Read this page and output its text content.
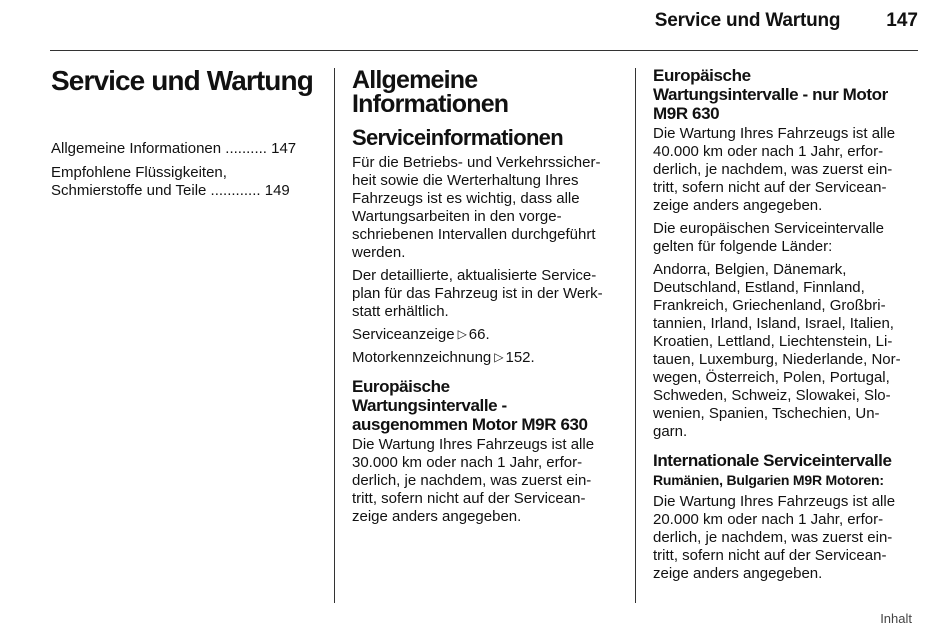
Service und Wartung 147
Service und Wartung
Allgemeine Informationen .......... 147
Empfohlene Flüssigkeiten,
Schmierstoffe und Teile ............ 149
Allgemeine
Informationen
Serviceinformationen

Für die Betriebs- und Verkehrssicher-
heit sowie die Werterhaltung Ihres
Fahrzeugs ist es wichtig, dass alle
Wartungsarbeiten in den vorge-
schriebenen Intervallen durchgeführt
werden.

Der detaillierte, aktualisierte Service-
plan für das Fahrzeug ist in der Werk-
statt erhältlich.

Serviceanzeige ▷ 66.

Motorkennzeichnung ▷ 152.

Europäische
Wartungsintervalle -
ausgenommen Motor M9R 630

Die Wartung Ihres Fahrzeugs ist alle
30.000 km oder nach 1 Jahr, erfor-
derlich, je nachdem, was zuerst ein-
tritt, sofern nicht auf der Servicean-
zeige anders angegeben.

Europäische
Wartungsintervalle - nur Motor
M9R 630

Die Wartung Ihres Fahrzeugs ist alle
40.000 km oder nach 1 Jahr, erfor-
derlich, je nachdem, was zuerst ein-
tritt, sofern nicht auf der Servicean-
zeige anders angegeben.

Die europäischen Serviceintervalle
gelten für folgende Länder:

Andorra, Belgien, Dänemark,
Deutschland, Estland, Finnland,
Frankreich, Griechenland, Großbri-
tannien, Irland, Island, Israel, Italien,
Kroatien, Lettland, Liechtenstein, Li-
tauen, Luxemburg, Niederlande, Nor-
wegen, Österreich, Polen, Portugal,
Schweden, Schweiz, Slowakei, Slo-
wenien, Spanien, Tschechien, Un-
garn.

Internationale Serviceintervalle
Rumänien, Bulgarien M9R Motoren:

Die Wartung Ihres Fahrzeugs ist alle
20.000 km oder nach 1 Jahr, erfor-
derlich, je nachdem, was zuerst ein-
tritt, sofern nicht auf der Servicean-
zeige anders angegeben.

Inhalt
